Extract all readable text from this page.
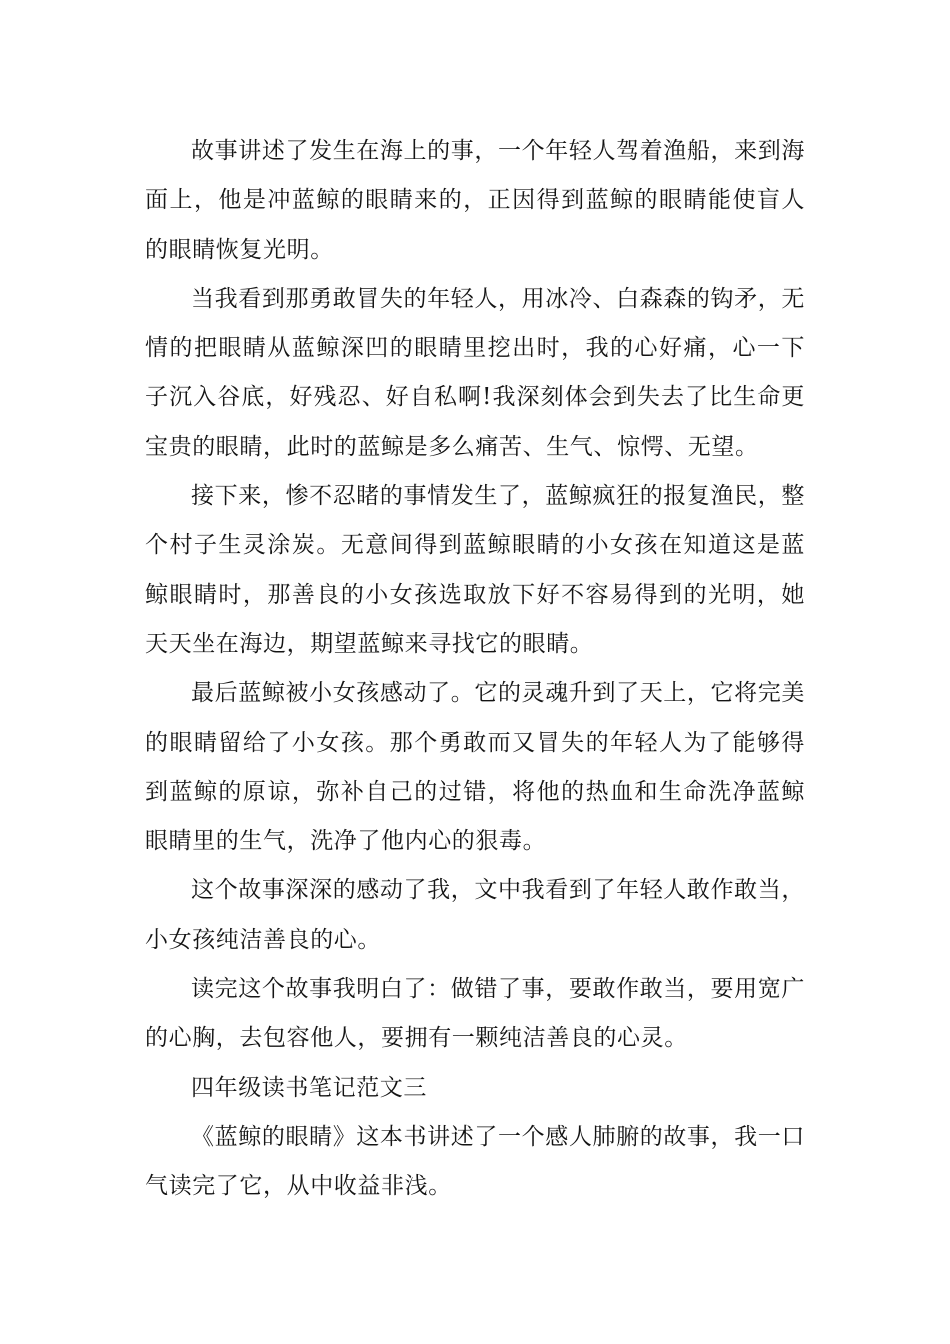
故事讲述了发生在海上的事，一个年轻人驾着渔船，来到海面上，他是冲蓝鲸的眼睛来的，正因得到蓝鲸的眼睛能使盲人的眼睛恢复光明。

当我看到那勇敢冒失的年轻人，用冰冷、白森森的钩矛，无情的把眼睛从蓝鲸深凹的眼睛里挖出时，我的心好痛，心一下子沉入谷底，好残忍、好自私啊!我深刻体会到失去了比生命更宝贵的眼睛，此时的蓝鲸是多么痛苦、生气、惊愕、无望。

接下来，惨不忍睹的事情发生了，蓝鲸疯狂的报复渔民，整个村子生灵涂炭。无意间得到蓝鲸眼睛的小女孩在知道这是蓝鲸眼睛时，那善良的小女孩选取放下好不容易得到的光明，她天天坐在海边，期望蓝鲸来寻找它的眼睛。

最后蓝鲸被小女孩感动了。它的灵魂升到了天上，它将完美的眼睛留给了小女孩。那个勇敢而又冒失的年轻人为了能够得到蓝鲸的原谅，弥补自己的过错，将他的热血和生命洗净蓝鲸眼睛里的生气，洗净了他内心的狠毒。

这个故事深深的感动了我，文中我看到了年轻人敢作敢当，小女孩纯洁善良的心。

读完这个故事我明白了：做错了事，要敢作敢当，要用宽广的心胸，去包容他人，要拥有一颗纯洁善良的心灵。

四年级读书笔记范文三

《蓝鲸的眼睛》这本书讲述了一个感人肺腑的故事，我一口气读完了它，从中收益非浅。
